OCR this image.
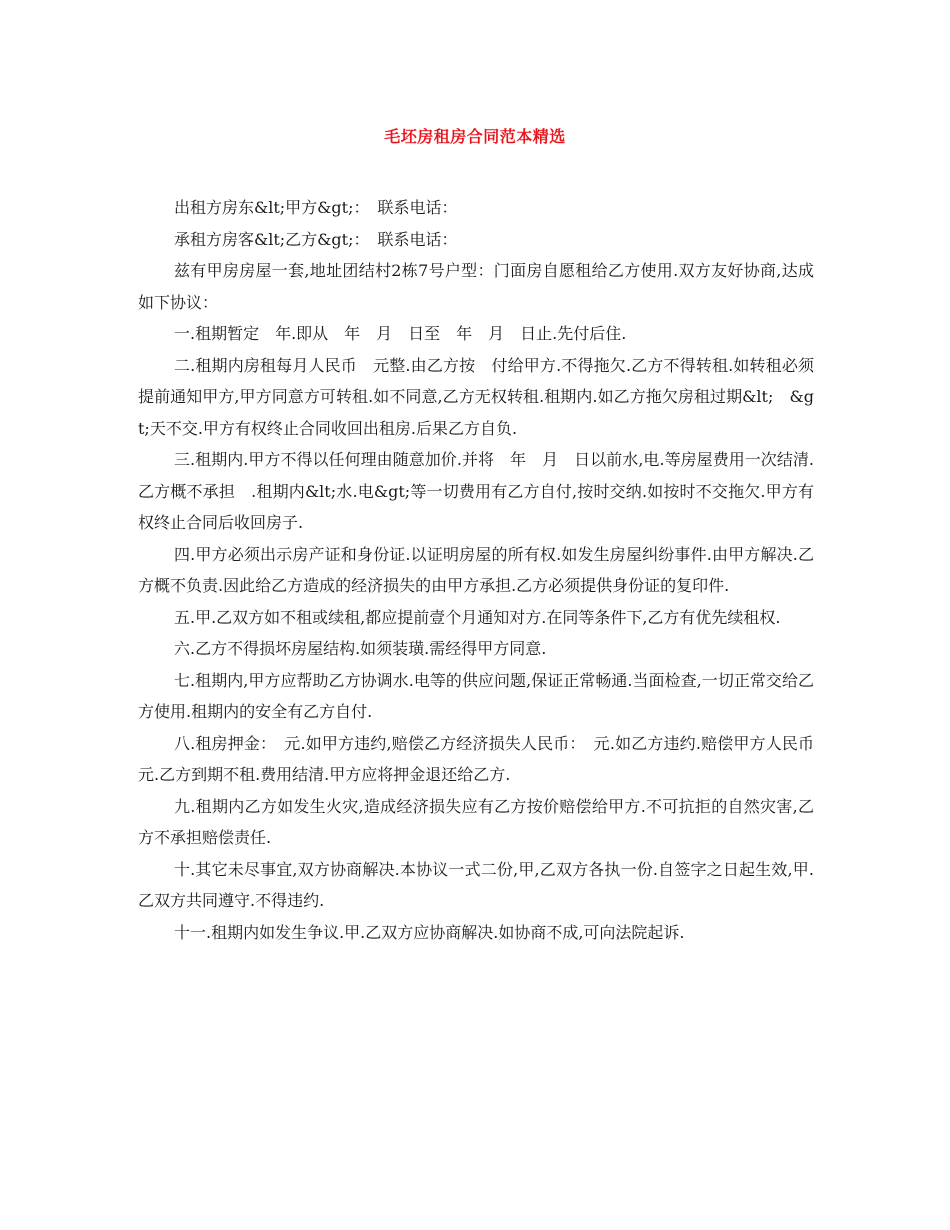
毛坯房租房合同范本精选

出租方房东&lt;甲方&gt;：　联系电话：

承租方房客&lt;乙方&gt;：　联系电话：

兹有甲房房屋一套,地址团结村2栋7号户型：门面房自愿租给乙方使用.双方友好协商,达成如下协议：

一.租期暂定　年.即从　年　月　日至　年　月　日止.先付后住.

二.租期内房租每月人民币　元整.由乙方按　付给甲方.不得拖欠.乙方不得转租.如转租必须提前通知甲方,甲方同意方可转租.如不同意,乙方无权转租.租期内.如乙方拖欠房租过期&lt;　&gt;天不交.甲方有权终止合同收回出租房.后果乙方自负.

三.租期内.甲方不得以任何理由随意加价.并将　年　月　日以前水,电.等房屋费用一次结清.乙方概不承担　.租期内&lt;水.电&gt;等一切费用有乙方自付,按时交纳.如按时不交拖欠.甲方有权终止合同后收回房子.

四.甲方必须出示房产证和身份证.以证明房屋的所有权.如发生房屋纠纷事件.由甲方解决.乙方概不负责.因此给乙方造成的经济损失的由甲方承担.乙方必须提供身份证的复印件.

五.甲.乙双方如不租或续租,都应提前壹个月通知对方.在同等条件下,乙方有优先续租权.

六.乙方不得损坏房屋结构.如须装璜.需经得甲方同意.

七.租期内,甲方应帮助乙方协调水.电等的供应问题,保证正常畅通.当面检查,一切正常交给乙方使用.租期内的安全有乙方自付.

八.租房押金：　元.如甲方违约,赔偿乙方经济损失人民币：　元.如乙方违约.赔偿甲方人民币　元.乙方到期不租.费用结清.甲方应将押金退还给乙方.

九.租期内乙方如发生火灾,造成经济损失应有乙方按价赔偿给甲方.不可抗拒的自然灾害,乙方不承担赔偿责任.

十.其它未尽事宜,双方协商解决.本协议一式二份,甲,乙双方各执一份.自签字之日起生效,甲.乙双方共同遵守.不得违约.

十一.租期内如发生争议.甲.乙双方应协商解决.如协商不成,可向法院起诉.
